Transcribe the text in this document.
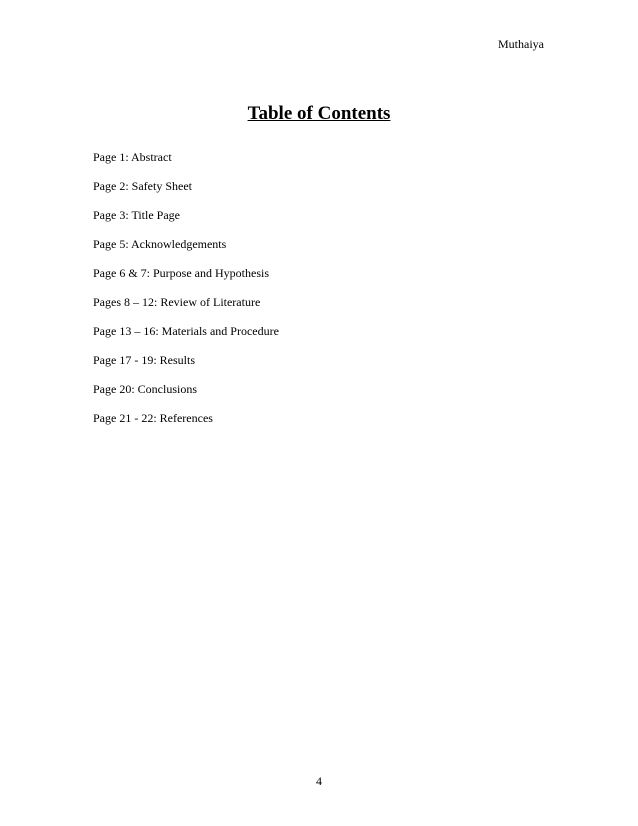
Muthaiya
Table of Contents
Page 1: Abstract
Page 2: Safety Sheet
Page 3: Title Page
Page 5: Acknowledgements
Page 6 & 7: Purpose and Hypothesis
Pages 8 – 12: Review of Literature
Page 13 – 16: Materials and Procedure
Page 17 - 19: Results
Page 20: Conclusions
Page 21 - 22: References
4
